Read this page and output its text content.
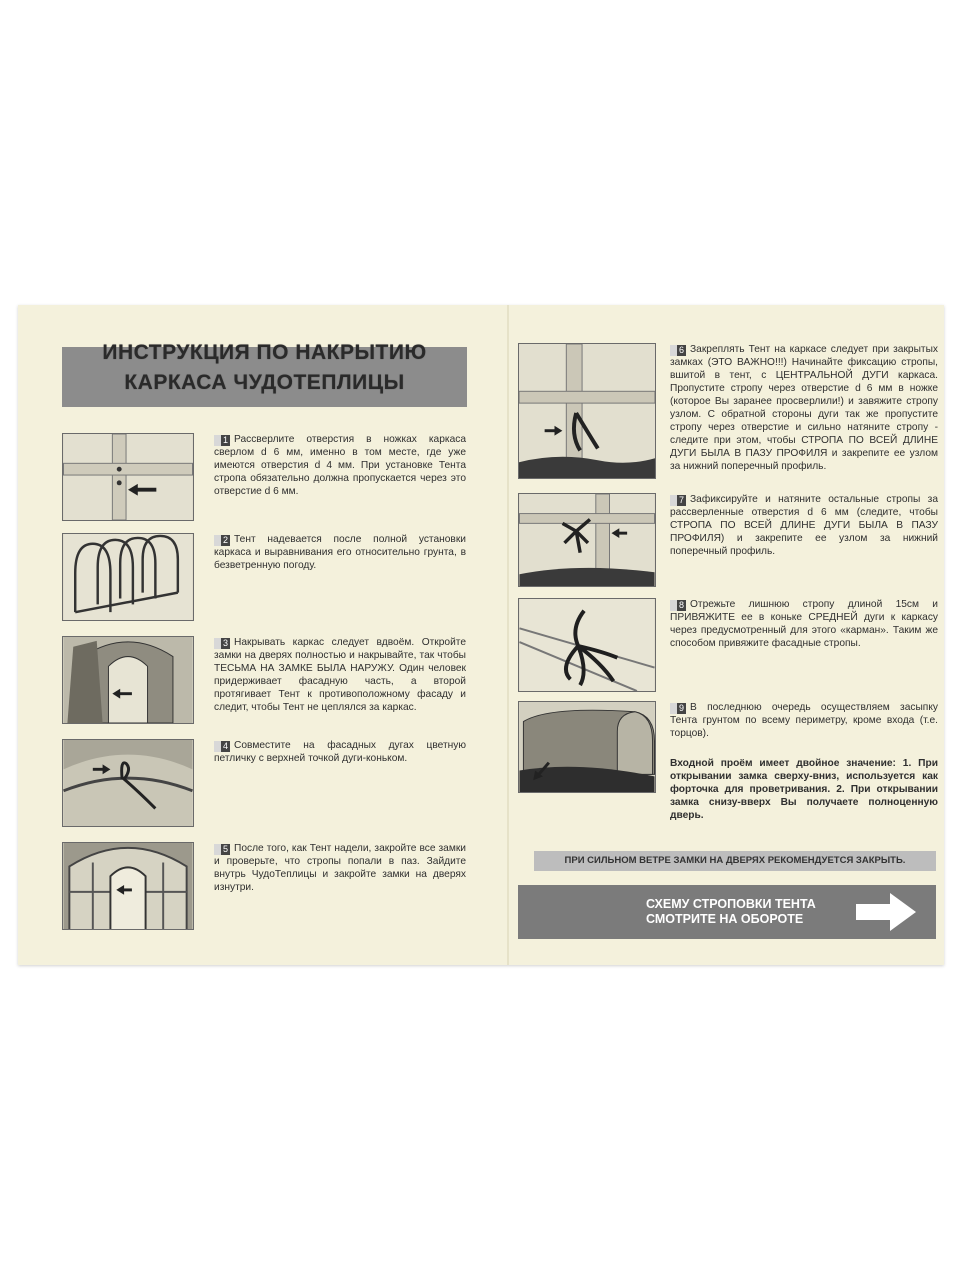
ИНСТРУКЦИЯ ПО НАКРЫТИЮ
КАРКАСА ЧУДОТЕПЛИЦЫ
1 Рассверлите отверстия в ножках каркаса сверлом d 6 мм, именно в том месте, где уже имеются отверстия d 4 мм. При установке Тента стропа обязательно должна пропускается через это отверстие d 6 мм.
2 Тент надевается после полной установки каркаса и выравнивания его относительно грунта, в безветренную погоду.
3 Накрывать каркас следует вдвоём. Откройте замки на дверях полностью и накрывайте, так чтобы ТЕСЬМА НА ЗАМКЕ БЫЛА НАРУЖУ. Один человек придерживает фасадную часть, а второй протягивает Тент к противоположному фасаду и следит, чтобы Тент не цеплялся за каркас.
4 Совместите на фасадных дугах цветную петличку с верхней точкой дуги-коньком.
5 После того, как Тент надели, закройте все замки и проверьте, что стропы попали в паз. Зайдите внутрь ЧудоТеплицы и закройте замки на дверях изнутри.
6 Закреплять Тент на каркасе следует при закрытых замках (ЭТО ВАЖНО!!!) Начинайте фиксацию стропы, вшитой в тент, с ЦЕНТРАЛЬНОЙ ДУГИ каркаса. Пропустите стропу через отверстие d 6 мм в ножке (которое Вы заранее просверлили!) и завяжите стропу узлом. С обратной стороны дуги так же пропустите стропу через отверстие и сильно натяните стропу - следите при этом, чтобы СТРОПА ПО ВСЕЙ ДЛИНЕ ДУГИ БЫЛА В ПАЗУ ПРОФИЛЯ и закрепите ее узлом за нижний поперечный профиль.
7 Зафиксируйте и натяните остальные стропы за рассверленные отверстия d 6 мм (следите, чтобы СТРОПА ПО ВСЕЙ ДЛИНЕ ДУГИ БЫЛА В ПАЗУ ПРОФИЛЯ) и закрепите ее узлом за нижний поперечный профиль.
8 Отрежьте лишнюю стропу длиной 15см и ПРИВЯЖИТЕ ее в коньке СРЕДНЕЙ дуги к каркасу через предусмотренный для этого «карман». Таким же способом привяжите фасадные стропы.
9 В последнюю очередь осуществляем засыпку Тента грунтом по всему периметру, кроме входа (т.е. торцов).
Входной проём имеет двойное значение: 1. При открывании замка сверху-вниз, используется как форточка для проветривания. 2. При открывании замка снизу-вверх Вы получаете полноценную дверь.
ПРИ СИЛЬНОМ ВЕТРЕ ЗАМКИ НА ДВЕРЯХ РЕКОМЕНДУЕТСЯ ЗАКРЫТЬ.
СХЕМУ СТРОПОВКИ ТЕНТА
СМОТРИТЕ НА ОБОРОТЕ
